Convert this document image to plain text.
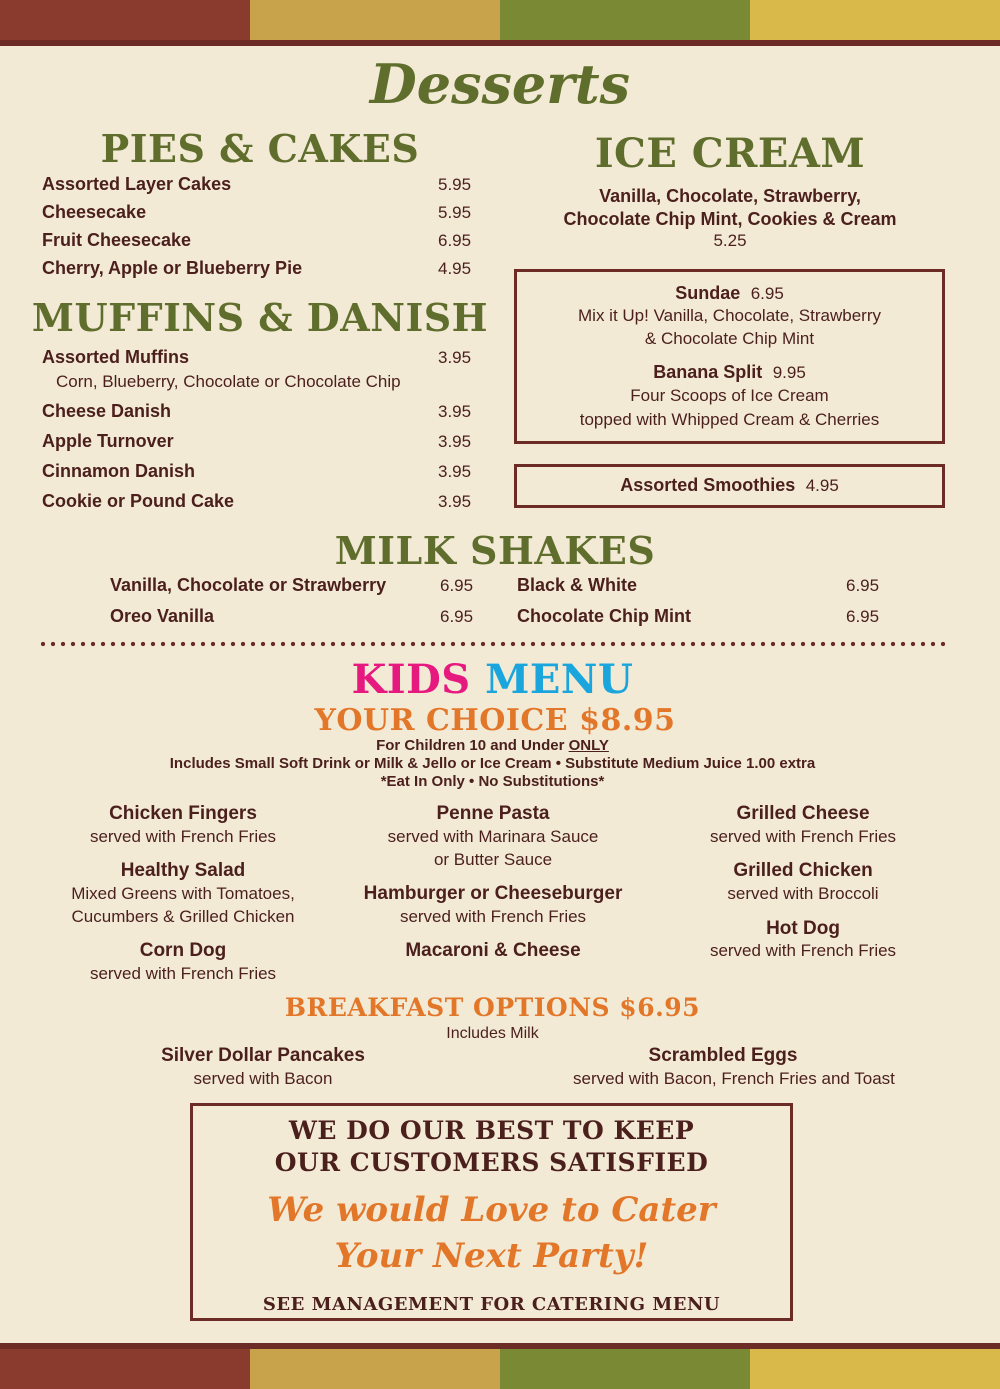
Desserts
PIES & CAKES
Assorted Layer Cakes	5.95
Cheesecake	5.95
Fruit Cheesecake	6.95
Cherry, Apple or Blueberry Pie	4.95
MUFFINS & DANISH
Assorted Muffins	3.95
Corn, Blueberry, Chocolate or Chocolate Chip
Cheese Danish	3.95
Apple Turnover	3.95
Cinnamon Danish	3.95
Cookie or Pound Cake	3.95
ICE CREAM
Vanilla, Chocolate, Strawberry,
Chocolate Chip Mint, Cookies & Cream
5.25
Sundae 6.95
Mix it Up! Vanilla, Chocolate, Strawberry
& Chocolate Chip Mint
Banana Split 9.95
Four Scoops of Ice Cream
topped with Whipped Cream & Cherries
Assorted Smoothies 4.95
MILK SHAKES
Vanilla, Chocolate or Strawberry	6.95
Oreo Vanilla	6.95
Black & White	6.95
Chocolate Chip Mint	6.95
KIDS MENU
YOUR CHOICE $8.95
For Children 10 and Under ONLY
Includes Small Soft Drink or Milk & Jello or Ice Cream • Substitute Medium Juice 1.00 extra
*Eat In Only • No Substitutions*
Chicken Fingers
served with French Fries
Healthy Salad
Mixed Greens with Tomatoes,
Cucumbers & Grilled Chicken
Corn Dog
served with French Fries
Penne Pasta
served with Marinara Sauce
or Butter Sauce
Hamburger or Cheeseburger
served with French Fries
Macaroni & Cheese
Grilled Cheese
served with French Fries
Grilled Chicken
served with Broccoli
Hot Dog
served with French Fries
BREAKFAST OPTIONS $6.95
Includes Milk
Silver Dollar Pancakes
served with Bacon
Scrambled Eggs
served with Bacon, French Fries and Toast
WE DO OUR BEST TO KEEP
OUR CUSTOMERS SATISFIED
We would Love to Cater
Your Next Party!
SEE MANAGEMENT FOR CATERING MENU
